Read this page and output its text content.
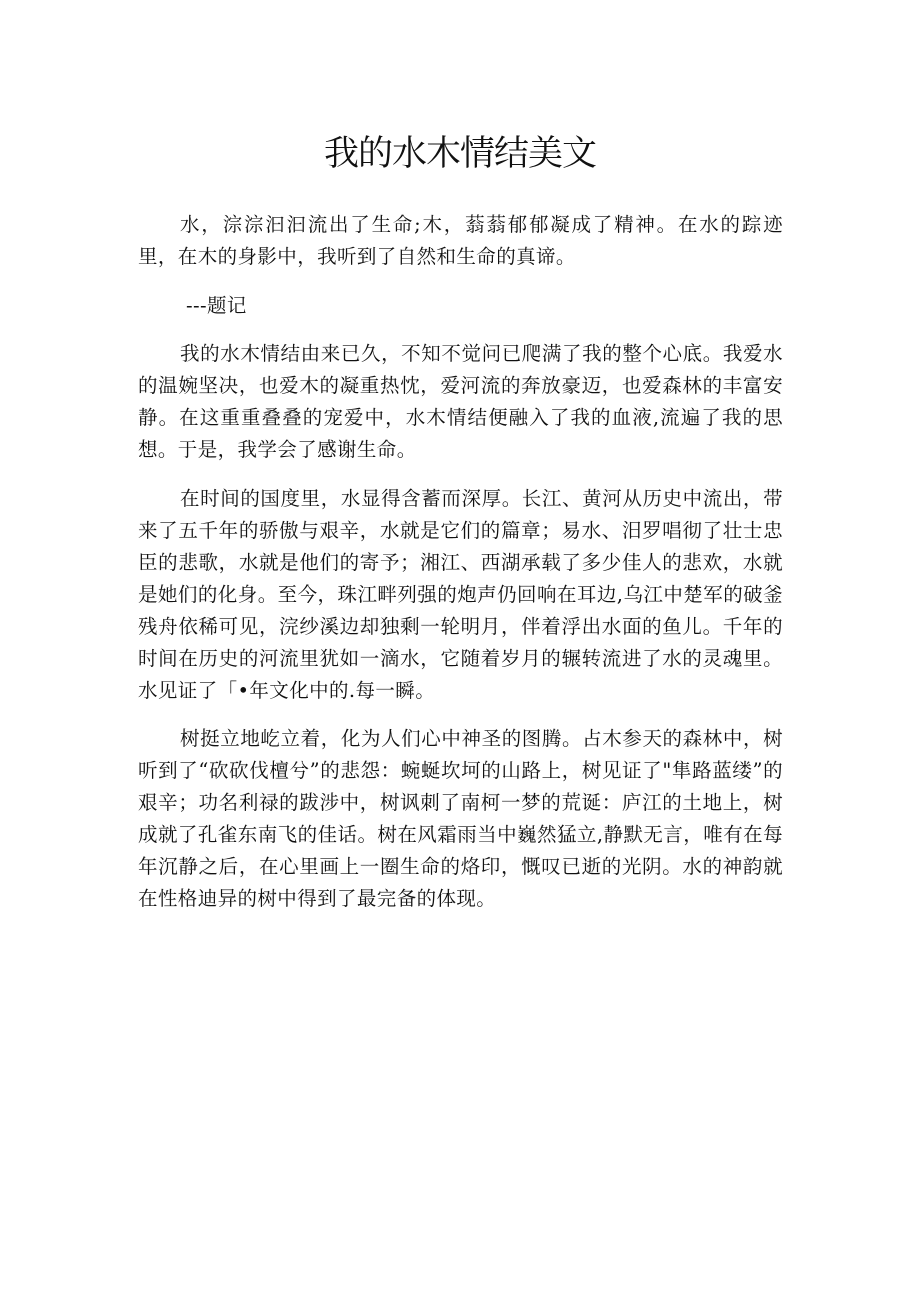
我的水木情结美文

水，淙淙汩汩流出了生命;木，蓊蓊郁郁凝成了精神。在水的踪迹里，在木的身影中，我听到了自然和生命的真谛。

---题记

我的水木情结由来已久，不知不觉问已爬满了我的整个心底。我爱水的温婉坚决，也爱木的凝重热忱，爱河流的奔放豪迈，也爱森林的丰富安静。在这重重叠叠的宠爱中，水木情结便融入了我的血液,流遍了我的思想。于是，我学会了感谢生命。

在时间的国度里，水显得含蓄而深厚。长江、黄河从历史中流出，带来了五千年的骄傲与艰辛，水就是它们的篇章；易水、汨罗唱彻了壮士忠臣的悲歌，水就是他们的寄予；湘江、西湖承载了多少佳人的悲欢，水就是她们的化身。至今，珠江畔列强的炮声仍回响在耳边,乌江中楚军的破釜残舟依稀可见，浣纱溪边却独剩一轮明月，伴着浮出水面的鱼儿。千年的时间在历史的河流里犹如一滴水，它随着岁月的辗转流进了水的灵魂里。水见证了「•年文化中的.每一瞬。

树挺立地屹立着，化为人们心中神圣的图腾。占木参天的森林中，树听到了“砍砍伐檀兮”的悲怨：蜿蜒坎坷的山路上，树见证了"隼路蓝缕”的艰辛；功名利禄的跋涉中，树讽刺了南柯一梦的荒诞：庐江的土地上，树成就了孔雀东南飞的佳话。树在风霜雨当中巍然猛立,静默无言，唯有在每年沉静之后，在心里画上一圈生命的烙印，慨叹已逝的光阴。水的神韵就在性格迪异的树中得到了最完备的体现。
